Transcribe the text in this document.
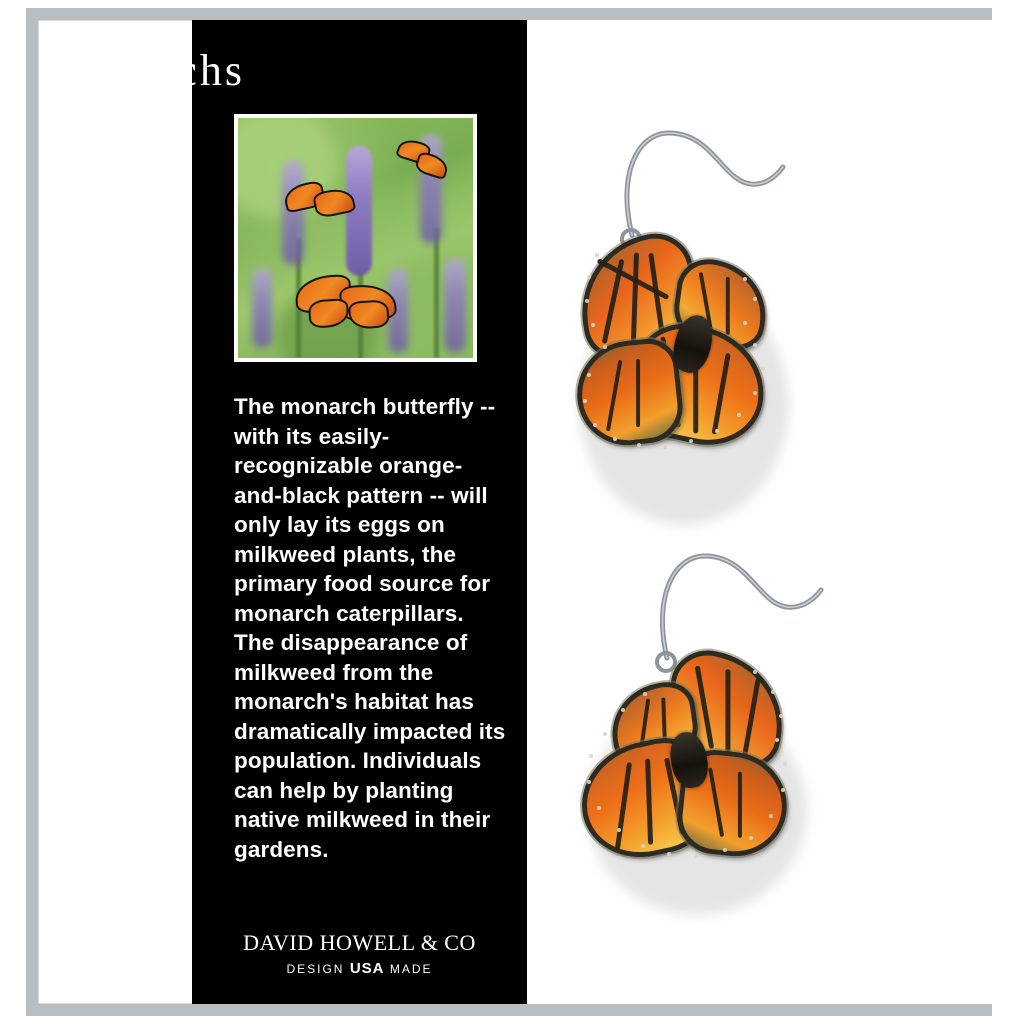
Monarchs
The monarch butterfly -- with its easily-recognizable orange-and-black pattern -- will only lay its eggs on milkweed plants, the primary food source for monarch caterpillars. The disappearance of milkweed from the monarch's habitat has dramatically impacted its population. Individuals can help by planting native milkweed in their gardens.
DAVID HOWELL & CO
DESIGN USA MADE
